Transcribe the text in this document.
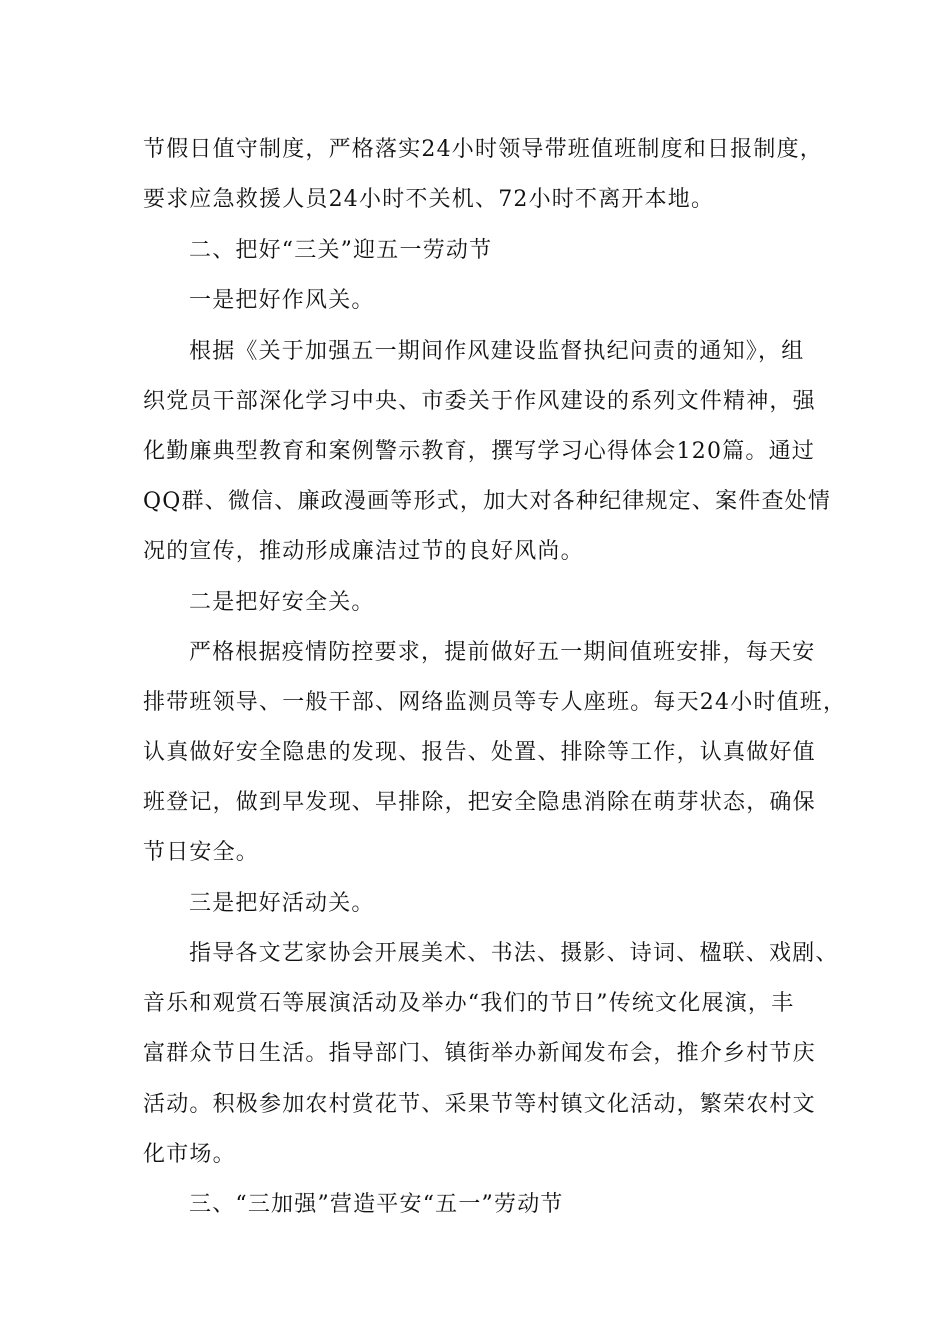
节假日值守制度，严格落实24小时领导带班值班制度和日报制度，
要求应急救援人员24小时不关机、72小时不离开本地。
二、把好“三关”迎五一劳动节
一是把好作风关。
根据《关于加强五一期间作风建设监督执纪问责的通知》，组
织党员干部深化学习中央、市委关于作风建设的系列文件精神，强
化勤廉典型教育和案例警示教育，撰写学习心得体会120篇。通过
QQ群、微信、廉政漫画等形式，加大对各种纪律规定、案件查处情
况的宣传，推动形成廉洁过节的良好风尚。
二是把好安全关。
严格根据疫情防控要求，提前做好五一期间值班安排，每天安
排带班领导、一般干部、网络监测员等专人座班。每天24小时值班，
认真做好安全隐患的发现、报告、处置、排除等工作，认真做好值
班登记，做到早发现、早排除，把安全隐患消除在萌芽状态，确保
节日安全。
三是把好活动关。
指导各文艺家协会开展美术、书法、摄影、诗词、楹联、戏剧、
音乐和观赏石等展演活动及举办“我们的节日”传统文化展演，丰
富群众节日生活。指导部门、镇街举办新闻发布会，推介乡村节庆
活动。积极参加农村赏花节、采果节等村镇文化活动，繁荣农村文
化市场。
三、“三加强”营造平安“五一”劳动节
